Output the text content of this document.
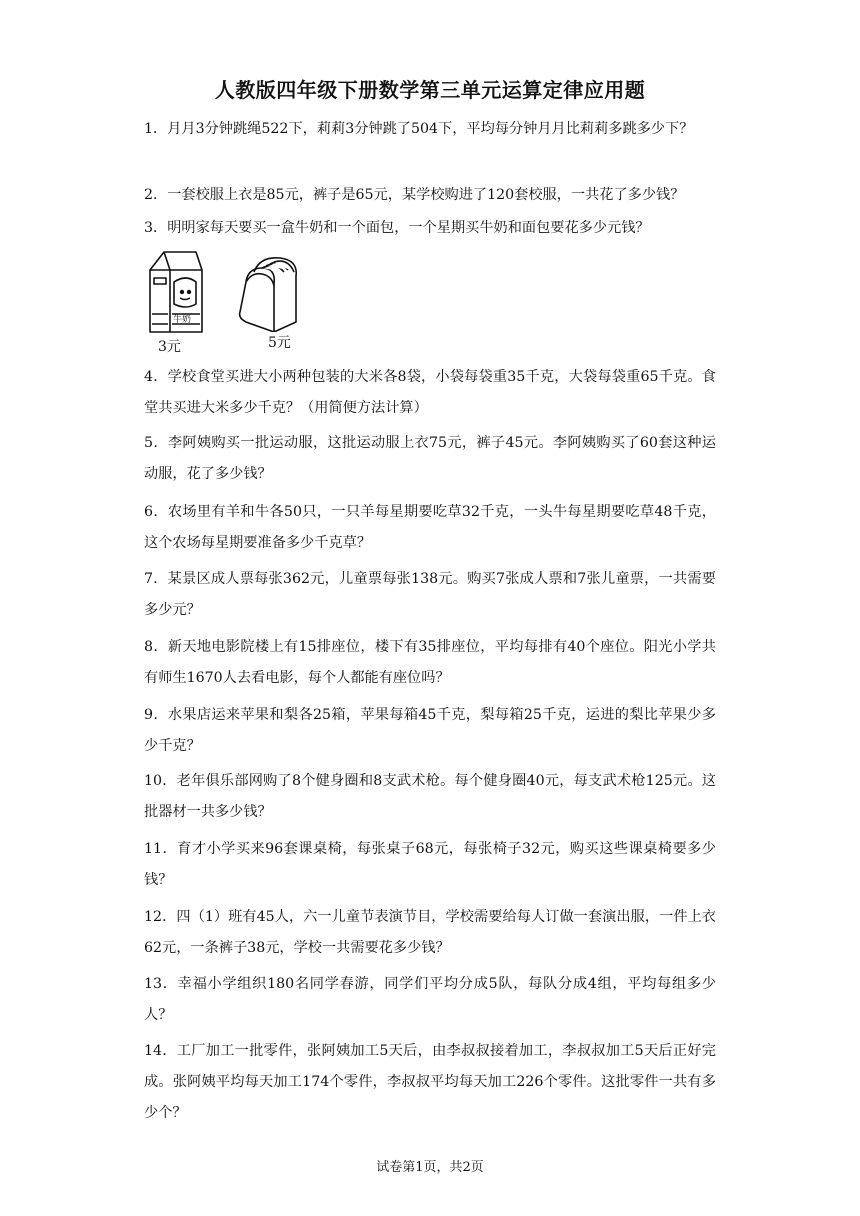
人教版四年级下册数学第三单元运算定律应用题
1．月月3分钟跳绳522下，莉莉3分钟跳了504下，平均每分钟月月比莉莉多跳多少下？
2．一套校服上衣是85元，裤子是65元，某学校购进了120套校服，一共花了多少钱？
3．明明家每天要买一盒牛奶和一个面包，一个星期买牛奶和面包要花多少元钱？
牛奶
3元	5元
4．学校食堂买进大小两种包装的大米各8袋，小袋每袋重35千克，大袋每袋重65千克。食堂共买进大米多少千克？（用简便方法计算）
5．李阿姨购买一批运动服，这批运动服上衣75元，裤子45元。李阿姨购买了60套这种运动服，花了多少钱？
6．农场里有羊和牛各50只，一只羊每星期要吃草32千克，一头牛每星期要吃草48千克，这个农场每星期要准备多少千克草？
7．某景区成人票每张362元，儿童票每张138元。购买7张成人票和7张儿童票，一共需要多少元？
8．新天地电影院楼上有15排座位，楼下有35排座位，平均每排有40个座位。阳光小学共有师生1670人去看电影，每个人都能有座位吗？
9．水果店运来苹果和梨各25箱，苹果每箱45千克，梨每箱25千克，运进的梨比苹果少多少千克？
10．老年俱乐部网购了8个健身圈和8支武术枪。每个健身圈40元，每支武术枪125元。这批器材一共多少钱？
11．育才小学买来96套课桌椅，每张桌子68元，每张椅子32元，购买这些课桌椅要多少钱？
12．四（1）班有45人，六一儿童节表演节目，学校需要给每人订做一套演出服，一件上衣62元，一条裤子38元，学校一共需要花多少钱？
13．幸福小学组织180名同学春游，同学们平均分成5队，每队分成4组，平均每组多少人？
14．工厂加工一批零件，张阿姨加工5天后，由李叔叔接着加工，李叔叔加工5天后正好完成。张阿姨平均每天加工174个零件，李叔叔平均每天加工226个零件。这批零件一共有多少个？
试卷第1页，共2页
